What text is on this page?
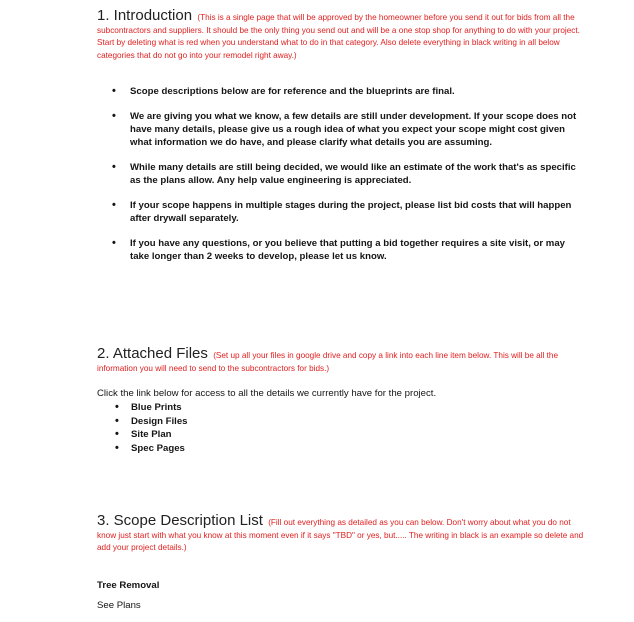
1. Introduction (This is a single page that will be approved by the homeowner before you send it out for bids from all the subcontractors and suppliers. It should be the only thing you send out and will be a one stop shop for anything to do with your project. Start by deleting what is red when you understand what to do in that category. Also delete everything in black writing in all below categories that do not go into your remodel right away.)
• Scope descriptions below are for reference and the blueprints are final.
• We are giving you what we know, a few details are still under development. If your scope does not have many details, please give us a rough idea of what you expect your scope might cost given what information we do have, and please clarify what details you are assuming.
• While many details are still being decided, we would like an estimate of the work that's as specific as the plans allow. Any help value engineering is appreciated.
• If your scope happens in multiple stages during the project, please list bid costs that will happen after drywall separately.
• If you have any questions, or you believe that putting a bid together requires a site visit, or may take longer than 2 weeks to develop, please let us know.
2. Attached Files (Set up all your files in google drive and copy a link into each line item below. This will be all the information you will need to send to the subcontractors for bids.)
Click the link below for access to all the details we currently have for the project.
• Blue Prints
• Design Files
• Site Plan
• Spec Pages
3. Scope Description List (Fill out everything as detailed as you can below. Don't worry about what you do not know just start with what you know at this moment even if it says "TBD" or yes, but..... The writing in black is an example so delete and add your project details.)
Tree Removal
See Plans
